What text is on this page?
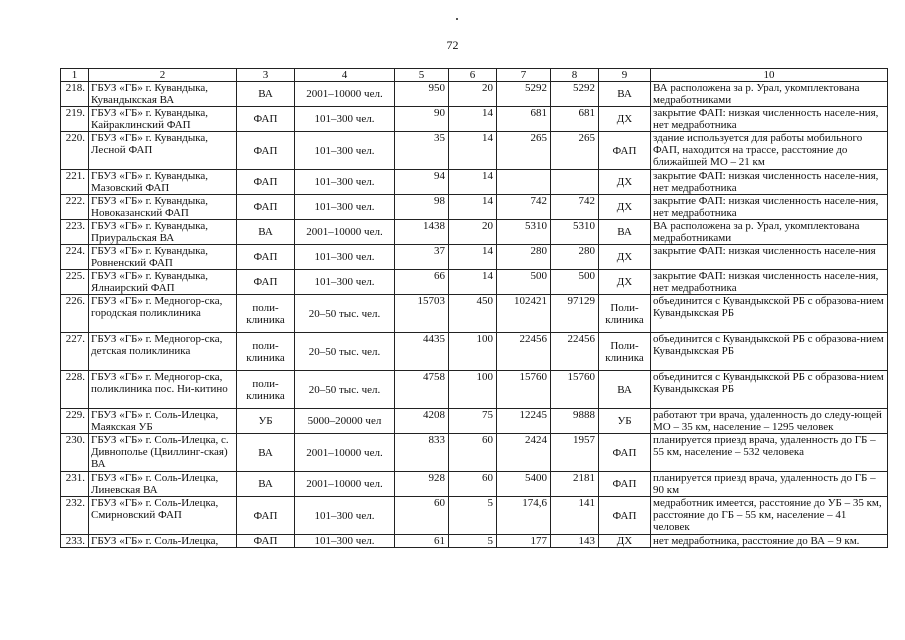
72
1	2	3	4	5	6	7	8	9	10
218.	ГБУЗ «ГБ» г. Кувандыка, Кувандыкская ВА	ВА	2001–10000 чел.	950	20	5292	5292	ВА	ВА расположена за р. Урал, укомплектована медработниками
219.	ГБУЗ «ГБ» г. Кувандыка, Кайраклинский ФАП	ФАП	101–300 чел.	90	14	681	681	ДХ	закрытие ФАП: низкая численность населе-ния, нет медработника
220.	ГБУЗ «ГБ» г. Кувандыка, Лесной ФАП	ФАП	101–300 чел.	35	14	265	265	ФАП	здание используется для работы мобильного ФАП, находится на трассе, расстояние до ближайшей МО – 21 км
221.	ГБУЗ «ГБ» г. Кувандыка, Мазовский ФАП	ФАП	101–300 чел.	94	14			ДХ	закрытие ФАП: низкая численность населе-ния, нет медработника
222.	ГБУЗ «ГБ» г. Кувандыка, Новоказанский ФАП	ФАП	101–300 чел.	98	14	742	742	ДХ	закрытие ФАП: низкая численность населе-ния, нет медработника
223.	ГБУЗ «ГБ» г. Кувандыка, Приуральская ВА	ВА	2001–10000 чел.	1438	20	5310	5310	ВА	ВА расположена за р. Урал, укомплектована медработниками
224.	ГБУЗ «ГБ» г. Кувандыка, Ровненский ФАП	ФАП	101–300 чел.	37	14	280	280	ДХ	закрытие ФАП: низкая численность населе-ния
225.	ГБУЗ «ГБ» г. Кувандыка, Ялнаирский ФАП	ФАП	101–300 чел.	66	14	500	500	ДХ	закрытие ФАП: низкая численность населе-ния, нет медработника
226.	ГБУЗ «ГБ» г. Медногор-ска, городская поликлиника	поли-клиника	20–50 тыс. чел.	15703	450	102421	97129	Поли-клиника	объединится с Кувандыкской РБ с образова-нием Кувандыкская РБ
227.	ГБУЗ «ГБ» г. Медногор-ска, детская поликлиника	поли-клиника	20–50 тыс. чел.	4435	100	22456	22456	Поли-клиника	объединится с Кувандыкской РБ с образова-нием Кувандыкская РБ
228.	ГБУЗ «ГБ» г. Медногор-ска, поликлиника пос. Ни-китино	поли-клиника	20–50 тыс. чел.	4758	100	15760	15760	ВА	объединится с Кувандыкской РБ с образова-нием Кувандыкская РБ
229.	ГБУЗ «ГБ» г. Соль-Илецка, Маякская УБ	УБ	5000–20000 чел	4208	75	12245	9888	УБ	работают три врача, удаленность до следу-ющей МО – 35 км, население – 1295 человек
230.	ГБУЗ «ГБ» г. Соль-Илецка, с. Дивнополье (Цвиллинг-ская) ВА	ВА	2001–10000 чел.	833	60	2424	1957	ФАП	планируется приезд врача, удаленность до ГБ – 55 км, население – 532 человека
231.	ГБУЗ «ГБ» г. Соль-Илецка, Линевская ВА	ВА	2001–10000 чел.	928	60	5400	2181	ФАП	планируется приезд врача, удаленность до ГБ – 90 км
232.	ГБУЗ «ГБ» г. Соль-Илецка, Смирновский ФАП	ФАП	101–300 чел.	60	5	174,6	141	ФАП	медработник имеется, расстояние до УБ – 35 км, расстояние до ГБ – 55 км, население – 41 человек
233.	ГБУЗ «ГБ» г. Соль-Илецка,	ФАП	101–300 чел.	61	5	177	143	ДХ	нет медработника, расстояние до ВА – 9 км.
